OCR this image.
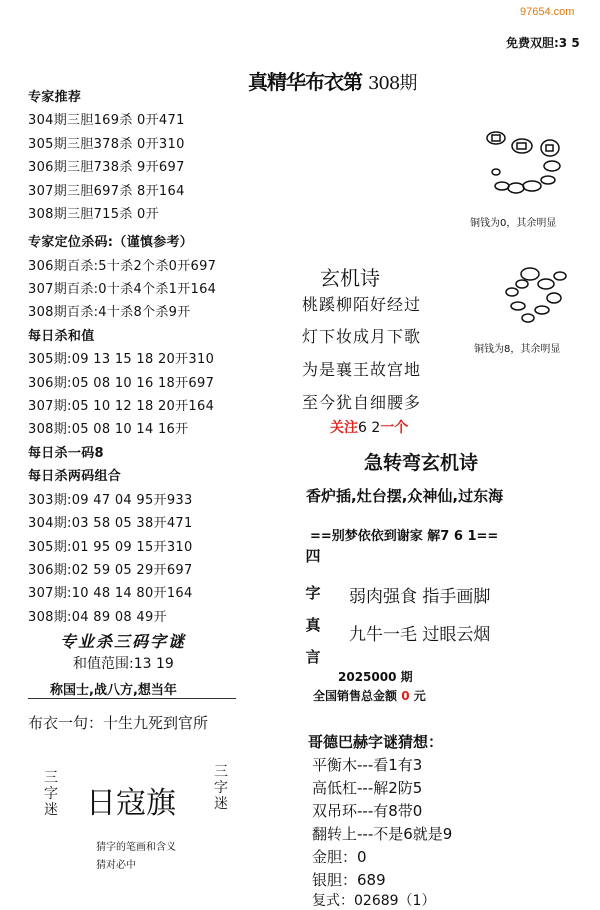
97654.com
免费双胆:3 5
真精华布衣第 308期
专家推荐
304期三胆169杀 0开471
305期三胆378杀 0开310
306期三胆738杀 9开697
307期三胆697杀 8开164
308期三胆715杀 0开
专家定位杀码:（谨慎参考）
306期百杀:5十杀2个杀0开697
307期百杀:0十杀4个杀1开164
308期百杀:4十杀8个杀9开
每日杀和值
305期:09 13 15 18 20开310
306期:05 08 10 16 18开697
307期:05 10 12 18 20开164
308期:05 08 10 14 16开
每日杀一码8
每日杀两码组合
303期:09 47 04 95开933
304期:03 58 05 38开471
305期:01 95 09 15开310
306期:02 59 05 29开697
307期:10 48 14 80开164
308期:04 89 08 49开
专业杀三码字谜
和值范围:13 19
称国士,战八方,想当年
布衣一句：十生九死到官所
三字迷 日寇旗
三字迷
猜字的笔画和含义
猜对必中
铜钱为0，其余明显
铜钱为8，其余明显
玄机诗
桃蹊柳陌好经过
灯下妆成月下歌
为是襄王故宫地
至今犹自细腰多
关注6 2一个
急转弯玄机诗
香炉插,灶台摆,众神仙,过东海
==别梦依依到谢家 解7 6 1==
四
字
真
言
弱肉强食 指手画脚
九牛一毛 过眼云烟
2025000 期
全国销售总金额 0 元
哥德巴赫字谜猜想：
平衡木---看1有3
高低杠---解2防5
双吊环---有8带0
翻转上---不是6就是9
金胆：0
银胆：689
复式：02689（1）
